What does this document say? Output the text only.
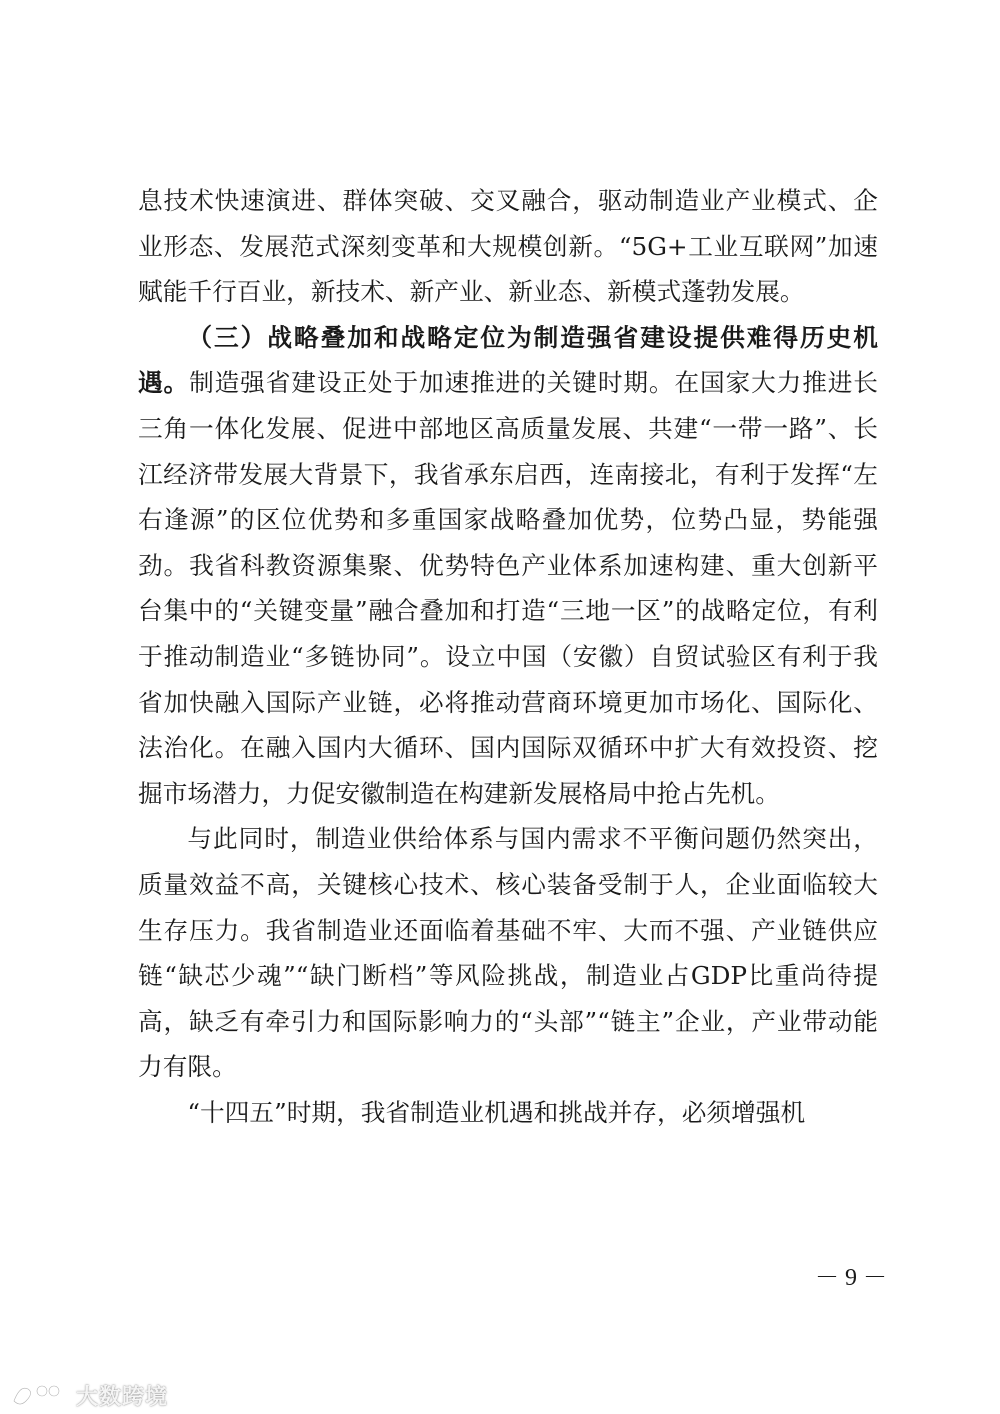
息技术快速演进、群体突破、交叉融合，驱动制造业产业模式、企业形态、发展范式深刻变革和大规模创新。“5G+工业互联网”加速赋能千行百业，新技术、新产业、新业态、新模式蓬勃发展。

（三）战略叠加和战略定位为制造强省建设提供难得历史机遇。制造强省建设正处于加速推进的关键时期。在国家大力推进长三角一体化发展、促进中部地区高质量发展、共建“一带一路”、长江经济带发展大背景下，我省承东启西，连南接北，有利于发挥“左右逢源”的区位优势和多重国家战略叠加优势，位势凸显，势能强劲。我省科教资源集聚、优势特色产业体系加速构建、重大创新平台集中的“关键变量”融合叠加和打造“三地一区”的战略定位，有利于推动制造业“多链协同”。设立中国（安徽）自贸试验区有利于我省加快融入国际产业链，必将推动营商环境更加市场化、国际化、法治化。在融入国内大循环、国内国际双循环中扩大有效投资、挖掘市场潜力，力促安徽制造在构建新发展格局中抢占先机。

与此同时，制造业供给体系与国内需求不平衡问题仍然突出，质量效益不高，关键核心技术、核心装备受制于人，企业面临较大生存压力。我省制造业还面临着基础不牢、大而不强、产业链供应链“缺芯少魂”“缺门断档”等风险挑战，制造业占GDP比重尚待提高，缺乏有牵引力和国际影响力的“头部”“链主”企业，产业带动能力有限。

“十四五”时期，我省制造业机遇和挑战并存，必须增强机

－ 9 －
大数跨境
